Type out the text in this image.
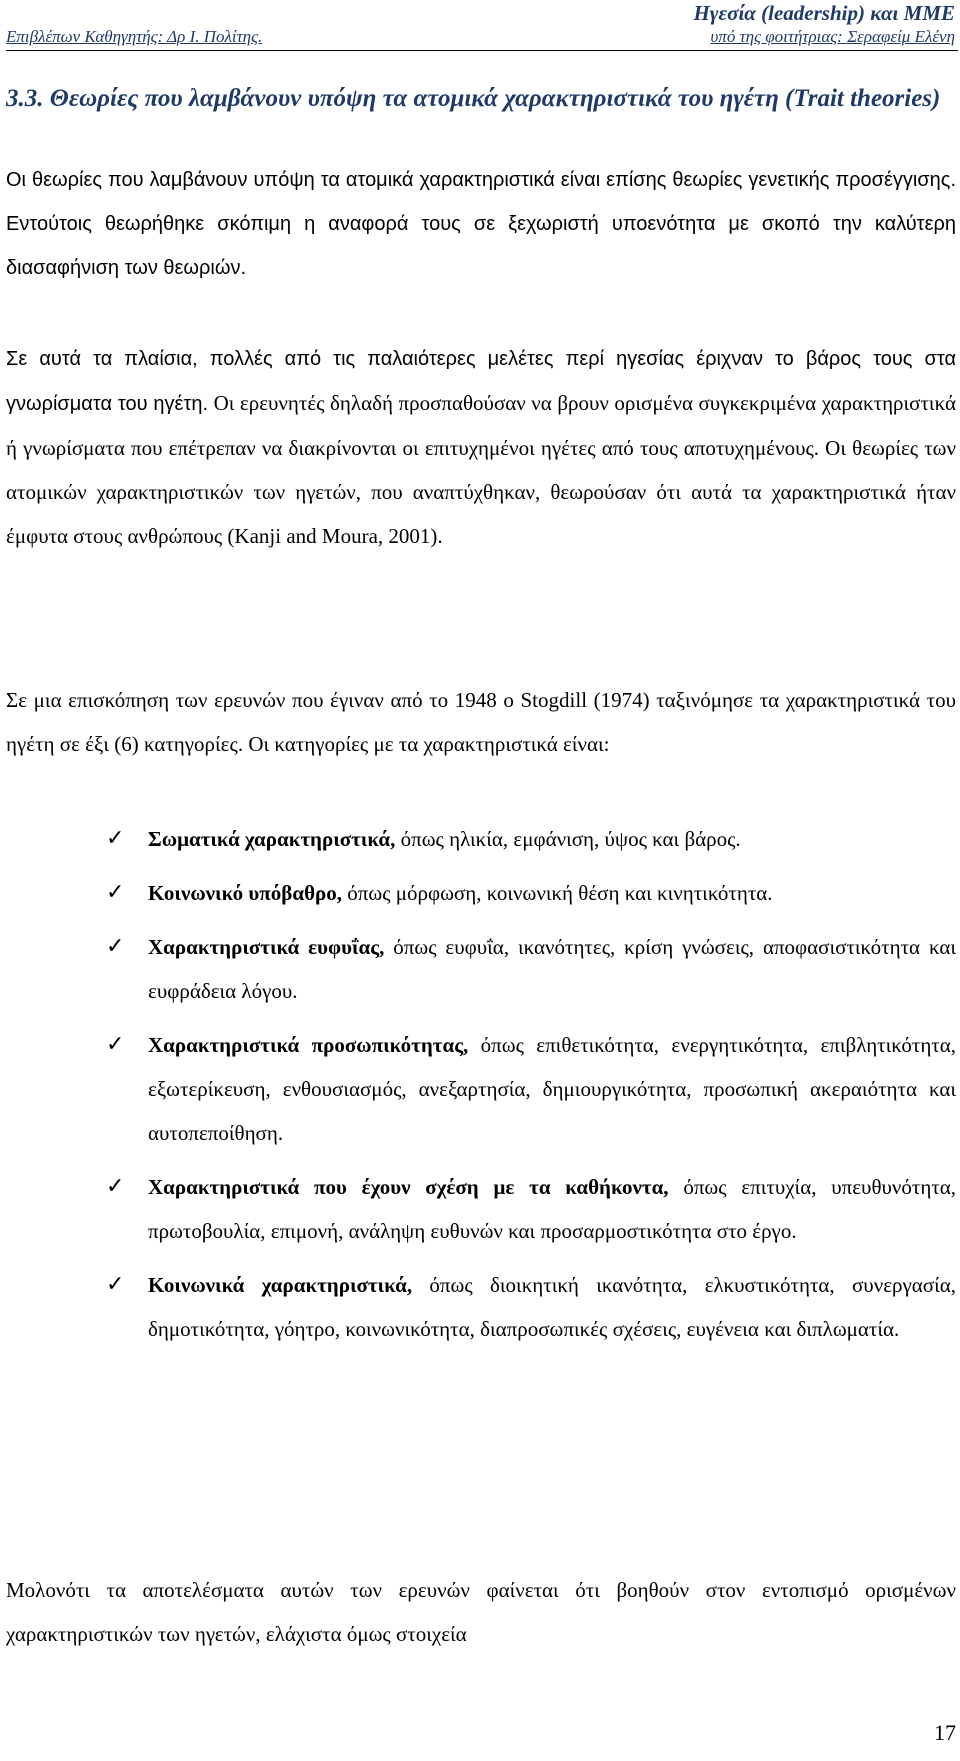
Ηγεσία (leadership) και ΜΜΕ
Επιβλέπων Καθηγητής: Δρ Ι. Πολίτης.	υπό της φοιτήτριας: Σεραφείμ Ελένη
3.3. Θεωρίες που λαμβάνουν υπόψη τα ατομικά χαρακτηριστικά του ηγέτη (Trait theories)

Οι θεωρίες που λαμβάνουν υπόψη τα ατομικά χαρακτηριστικά είναι επίσης θεωρίες γενετικής προσέγγισης. Εντούτοις θεωρήθηκε σκόπιμη η αναφορά τους σε ξεχωριστή υποενότητα με σκοπό την καλύτερη διασαφήνιση των θεωριών.

Σε αυτά τα πλαίσια, πολλές από τις παλαιότερες μελέτες περί ηγεσίας έριχναν το βάρος τους στα γνωρίσματα του ηγέτη. Οι ερευνητές δηλαδή προσπαθούσαν να βρουν ορισμένα συγκεκριμένα χαρακτηριστικά ή γνωρίσματα που επέτρεπαν να διακρίνονται οι επιτυχημένοι ηγέτες από τους αποτυχημένους. Οι θεωρίες των ατομικών χαρακτηριστικών των ηγετών, που αναπτύχθηκαν, θεωρούσαν ότι αυτά τα χαρακτηριστικά ήταν έμφυτα στους ανθρώπους (Kanji and Moura, 2001).

Σε μια επισκόπηση των ερευνών που έγιναν από το 1948 ο Stogdill (1974) ταξινόμησε τα χαρακτηριστικά του ηγέτη σε έξι (6) κατηγορίες. Οι κατηγορίες με τα χαρακτηριστικά είναι:

✓ Σωματικά χαρακτηριστικά, όπως ηλικία, εμφάνιση, ύψος και βάρος.
✓ Κοινωνικό υπόβαθρο, όπως μόρφωση, κοινωνική θέση και κινητικότητα.
✓ Χαρακτηριστικά ευφυΐας, όπως ευφυΐα, ικανότητες, κρίση γνώσεις, αποφασιστικότητα και ευφράδεια λόγου.
✓ Χαρακτηριστικά προσωπικότητας, όπως επιθετικότητα, ενεργητικότητα, επιβλητικότητα, εξωτερίκευση, ενθουσιασμός, ανεξαρτησία, δημιουργικότητα, προσωπική ακεραιότητα και αυτοπεποίθηση.
✓ Χαρακτηριστικά που έχουν σχέση με τα καθήκοντα, όπως επιτυχία, υπευθυνότητα, πρωτοβουλία, επιμονή, ανάληψη ευθυνών και προσαρμοστικότητα στο έργο.
✓ Κοινωνικά χαρακτηριστικά, όπως διοικητική ικανότητα, ελκυστικότητα, συνεργασία, δημοτικότητα, γόητρο, κοινωνικότητα, διαπροσωπικές σχέσεις, ευγένεια και διπλωματία.

Μολονότι τα αποτελέσματα αυτών των ερευνών φαίνεται ότι βοηθούν στον εντοπισμό ορισμένων χαρακτηριστικών των ηγετών, ελάχιστα όμως στοιχεία

17
